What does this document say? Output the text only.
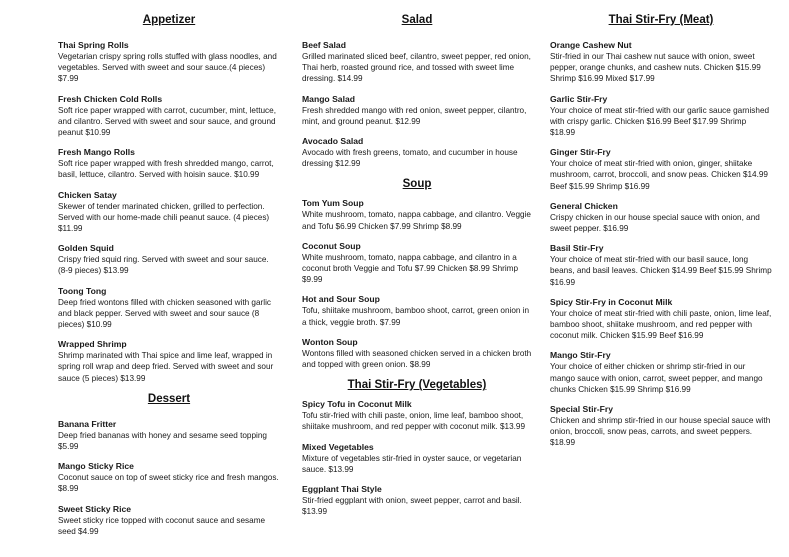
Appetizer
Thai Spring Rolls
Vegetarian crispy spring rolls stuffed with glass noodles, and vegetables. Served with sweet and sour sauce.(4 pieces) $7.99
Fresh Chicken Cold Rolls
Soft rice paper wrapped with carrot, cucumber, mint, lettuce, and cilantro. Served with sweet and sour sauce, and ground peanut $10.99
Fresh Mango Rolls
Soft rice paper wrapped with fresh shredded mango, carrot, basil, lettuce, cilantro. Served with hoisin sauce. $10.99
Chicken Satay
Skewer of tender marinated chicken, grilled to perfection. Served with our home-made chili peanut sauce. (4 pieces) $11.99
Golden Squid
Crispy fried squid ring. Served with sweet and sour sauce. (8-9 pieces) $13.99
Toong Tong
Deep fried wontons filled with chicken seasoned with garlic and black pepper. Served with sweet and sour sauce (8 pieces) $10.99
Wrapped Shrimp
Shrimp marinated with Thai spice and lime leaf, wrapped in spring roll wrap and deep fried. Served with sweet and sour sauce (5 pieces) $13.99
Dessert
Banana Fritter
Deep fried bananas with honey and sesame seed topping $5.99
Mango Sticky Rice
Coconut sauce on top of sweet sticky rice and fresh mangos. $8.99
Sweet Sticky Rice
Sweet sticky rice topped with coconut sauce and sesame seed $4.99
Salad
Beef Salad
Grilled marinated sliced beef, cilantro, sweet pepper, red onion, Thai herb, roasted ground rice, and tossed with sweet lime dressing. $14.99
Mango Salad
Fresh shredded mango with red onion, sweet pepper, cilantro, mint, and ground peanut. $12.99
Avocado Salad
Avocado with fresh greens, tomato, and cucumber in house dressing $12.99
Soup
Tom Yum Soup
White mushroom, tomato, nappa cabbage, and cilantro. Veggie and Tofu $6.99 Chicken $7.99 Shrimp $8.99
Coconut Soup
White mushroom, tomato, nappa cabbage, and cilantro in a coconut broth Veggie and Tofu $7.99 Chicken $8.99 Shrimp $9.99
Hot and Sour Soup
Tofu, shiitake mushroom, bamboo shoot, carrot, green onion in a thick, veggie broth. $7.99
Wonton Soup
Wontons filled with seasoned chicken served in a chicken broth and topped with green onion. $8.99
Thai Stir-Fry (Vegetables)
Spicy Tofu in Coconut Milk
Tofu stir-fried with chili paste, onion, lime leaf, bamboo shoot, shiitake mushroom, and red pepper with coconut milk. $13.99
Mixed Vegetables
Mixture of vegetables stir-fried in oyster sauce, or vegetarian sauce. $13.99
Eggplant Thai Style
Stir-fried eggplant with onion, sweet pepper, carrot and basil. $13.99
Thai Stir-Fry (Meat)
Orange Cashew Nut
Stir-fried in our Thai cashew nut sauce with onion, sweet pepper, orange chunks, and cashew nuts. Chicken $15.99 Shrimp $16.99 Mixed $17.99
Garlic Stir-Fry
Your choice of meat stir-fried with our garlic sauce garnished with crispy garlic. Chicken $16.99 Beef $17.99 Shrimp $18.99
Ginger Stir-Fry
Your choice of meat stir-fried with onion, ginger, shiitake mushroom, carrot, broccoli, and snow peas. Chicken $14.99 Beef $15.99 Shrimp $16.99
General Chicken
Crispy chicken in our house special sauce with onion, and sweet pepper. $16.99
Basil Stir-Fry
Your choice of meat stir-fried with our basil sauce, long beans, and basil leaves. Chicken $14.99 Beef $15.99 Shrimp $16.99
Spicy Stir-Fry in Coconut Milk
Your choice of meat stir-fried with chili paste, onion, lime leaf, bamboo shoot, shiitake mushroom, and red pepper with coconut milk. Chicken $15.99 Beef $16.99
Mango Stir-Fry
Your choice of either chicken or shrimp stir-fried in our mango sauce with onion, carrot, sweet pepper, and mango chunks Chicken $15.99 Shrimp $16.99
Special Stir-Fry
Chicken and shrimp stir-fried in our house special sauce with onion, broccoli, snow peas, carrots, and sweet peppers. $18.99
